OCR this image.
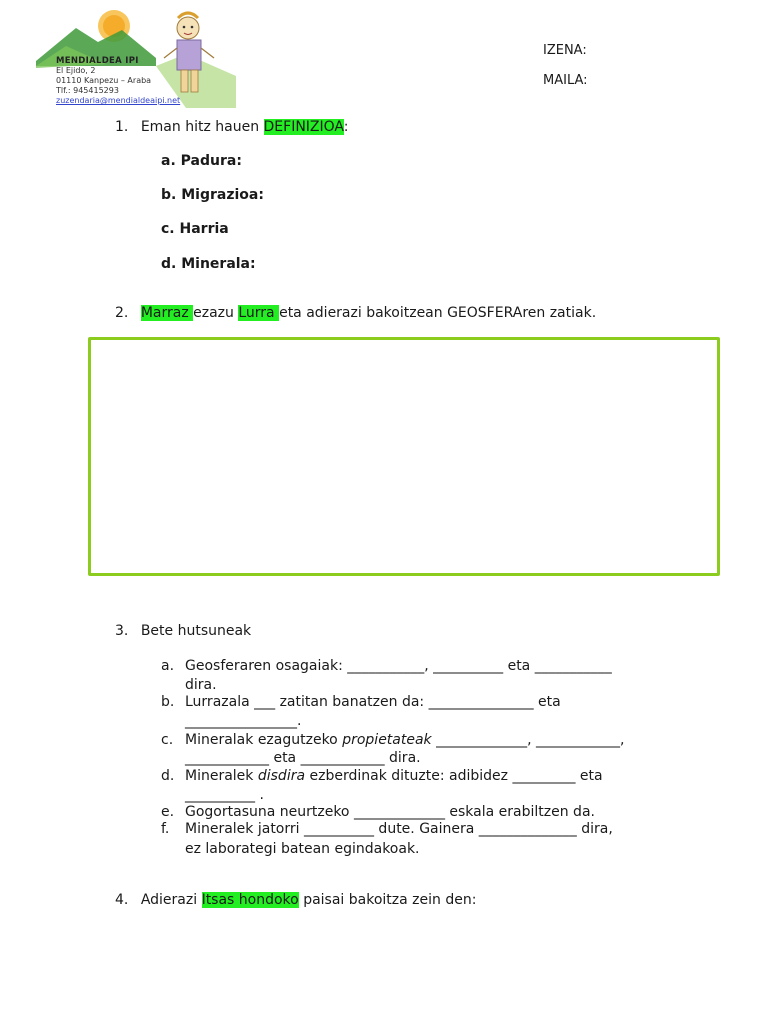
MENDIALDEA IPI
El Ejido, 2
01110 Kanpezu – Araba
Tlf.: 945415293
zuzendaria@mendialdeaipi.net
IZENA:
MAILA:
1. Eman hitz hauen DEFINIZIOA:
a. Padura:
b. Migrazioa:
c. Harria
d. Minerala:
2. Marraz ezazu Lurra eta adierazi bakoitzean GEOSFERAren zatiak.
3. Bete hutsuneak
a. Geosferaren osagaiak: ___________, __________ eta ___________
dira.
b. Lurrazala ___ zatitan banatzen da: _______________ eta
________________.
c. Mineralak ezagutzeko propietateak _____________, ____________,
____________ eta ____________ dira.
d. Mineralek disdira ezberdinak dituzte: adibidez _________ eta
__________ .
e. Gogortasuna neurtzeko _____________ eskala erabiltzen da.
f. Mineralek jatorri __________ dute. Gainera ______________ dira,
ez laborategi batean egindakoak.
4. Adierazi Itsas hondoko paisai bakoitza zein den:
